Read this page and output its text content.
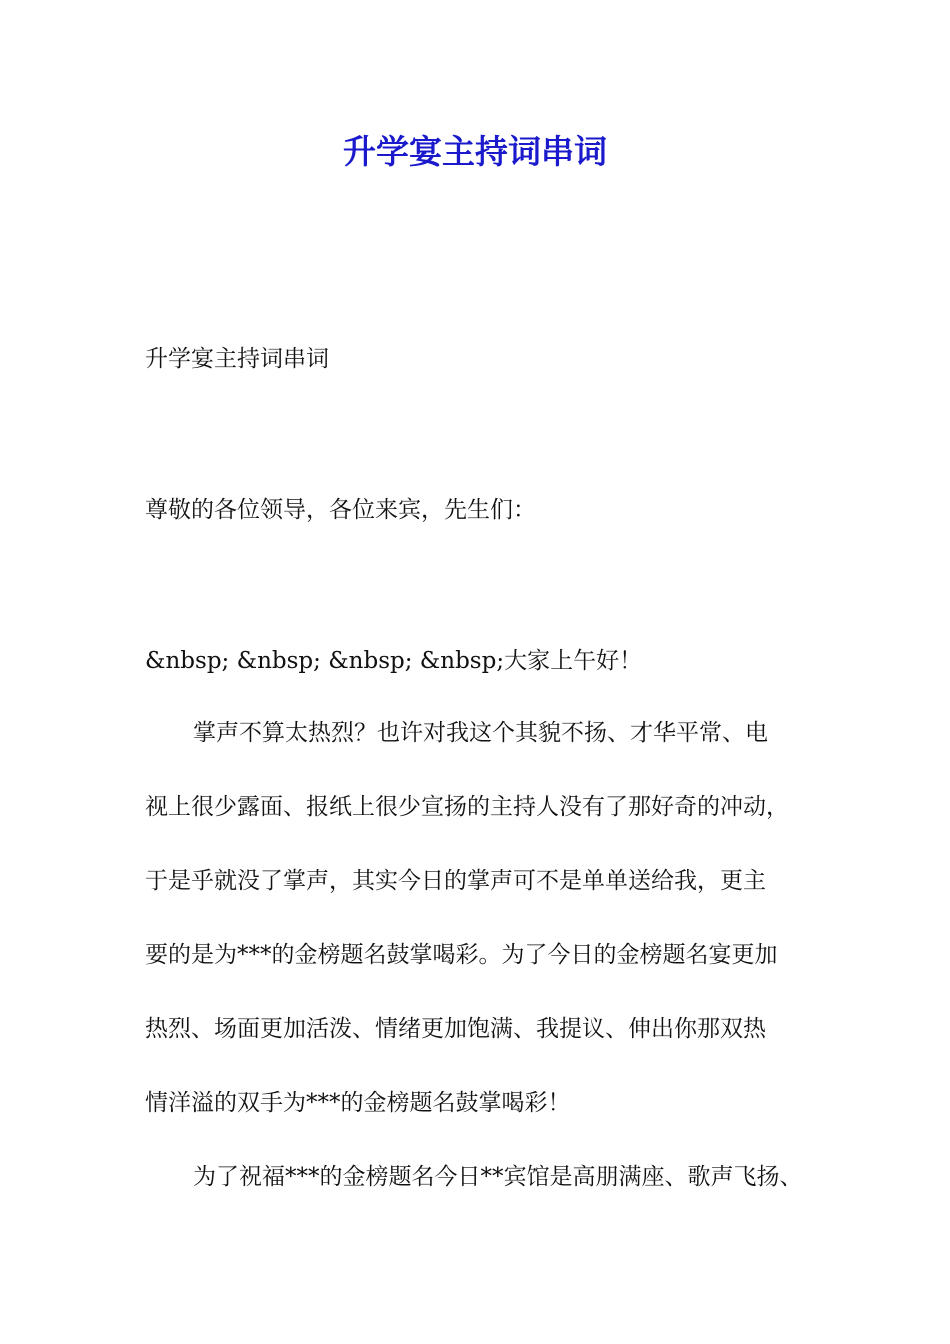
升学宴主持词串词

升学宴主持词串词

尊敬的各位领导，各位来宾，先生们：

&nbsp; &nbsp; &nbsp; &nbsp;大家上午好！

掌声不算太热烈？也许对我这个其貌不扬、才华平常、电

视上很少露面、报纸上很少宣扬的主持人没有了那好奇的冲动，

于是乎就没了掌声，其实今日的掌声可不是单单送给我，更主

要的是为***的金榜题名鼓掌喝彩。为了今日的金榜题名宴更加

热烈、场面更加活泼、情绪更加饱满、我提议、伸出你那双热

情洋溢的双手为***的金榜题名鼓掌喝彩！

为了祝福***的金榜题名今日**宾馆是高朋满座、歌声飞扬、
